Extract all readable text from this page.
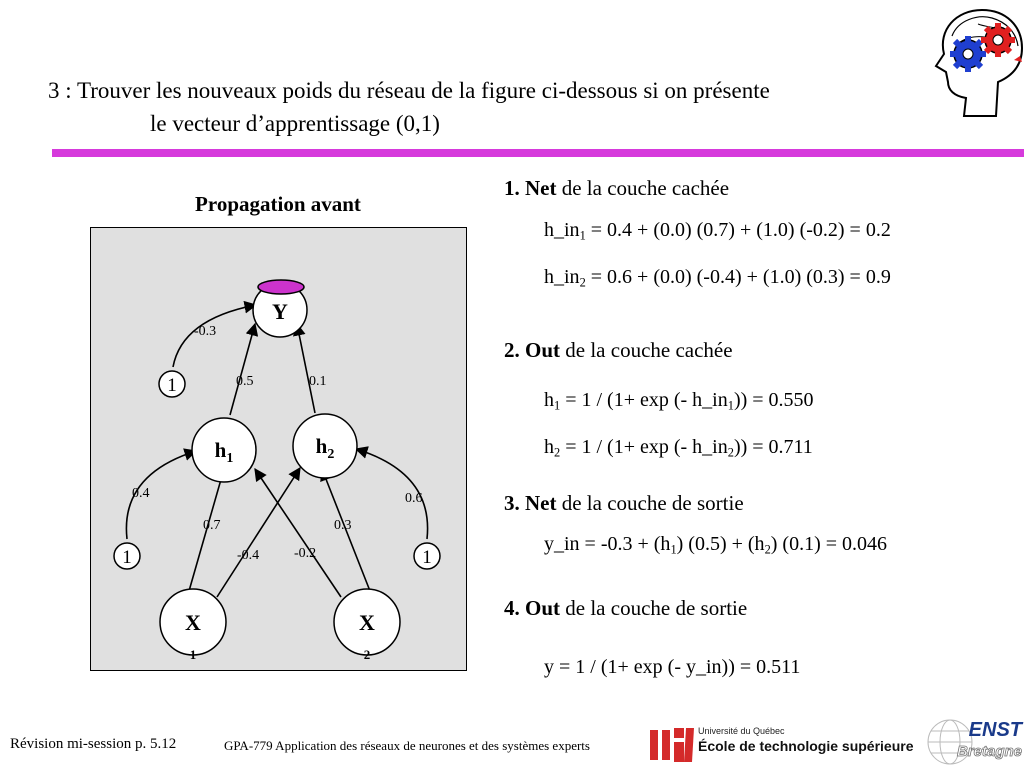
3 : Trouver les nouveaux poids du réseau de la figure ci-dessous si on présente
le vecteur d’apprentissage (0,1)
Propagation avant
-0.3
0.5	0.1
0.4	0.6
0.7	0.3
-0.4 -0.2
Y
$h_1$
$h_2$
X
1
X
2
1
1	1
1. Net de la couche cachée
$h\_in_1 = 0.4 + (0.0) (0.7) + (1.0) (-0.2) = 0.2$
$h\_in_2 = 0.6 + (0.0) (-0.4) + (1.0) (0.3) = 0.9$
2. Out de la couche cachée
$h_1 = 1 / (1+ \exp$ (- $h\_in_1)) = 0.550$
$h_2 = 1 / (1+ \exp$ (- $h\_in_2)) = 0.711$
3. Net de la couche de sortie
y_in = $-0.3 + (h_1) (0.5) + (h_2) (0.1) = 0.046$
4. Out de la couche de sortie
y = 1 / (1+ exp (- y_in)) = 0.511
Révision mi-session p. 5.12	GPA-779 Application des réseaux de neurones et des systèmes experts
Université du Québec
École de technologie supérieure
ENST
Bretagne
